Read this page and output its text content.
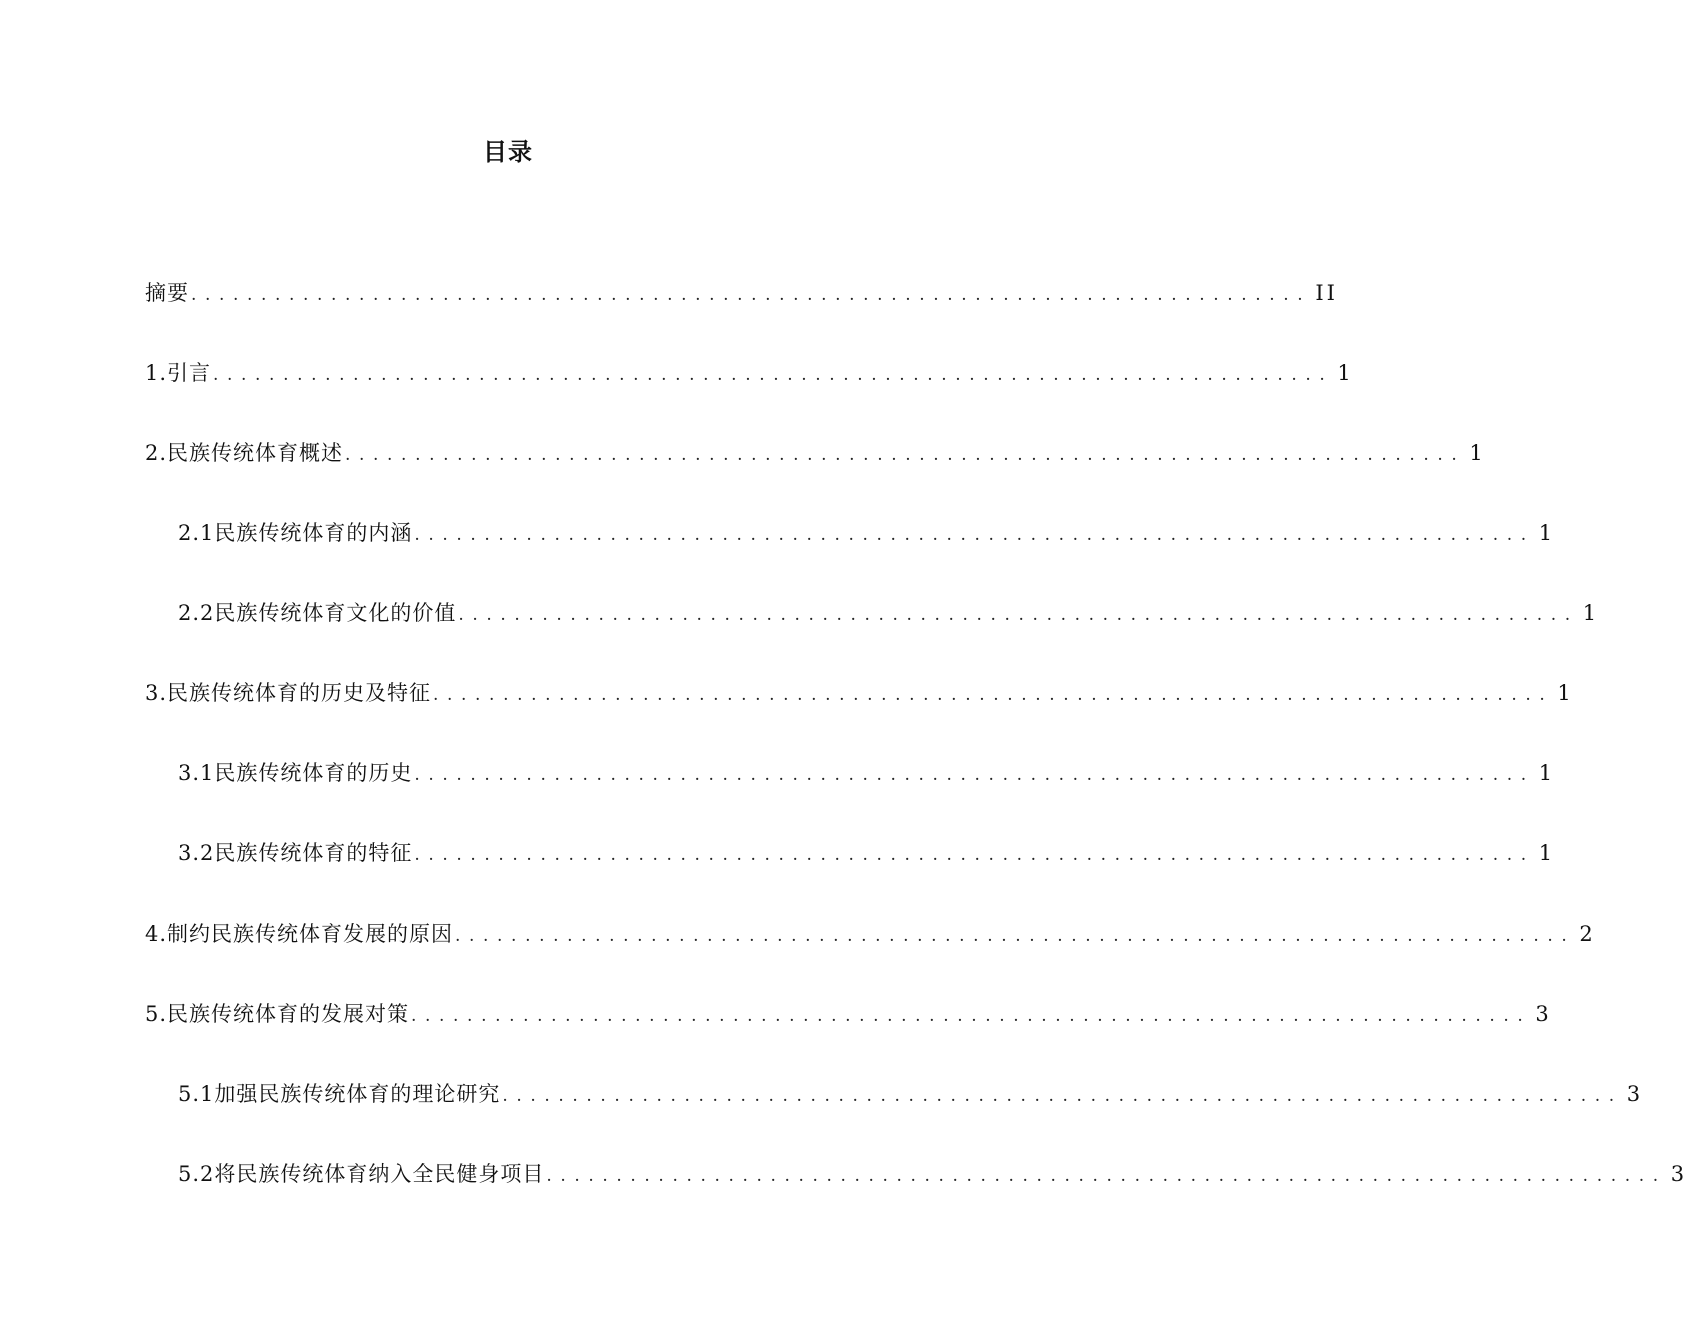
目录
摘要 ................................................................................ II
1.引言 ................................................................................ 1
2.民族传统体育概述 ................................................................................ 1
2.1民族传统体育的内涵 ................................................................................ 1
2.2民族传统体育文化的价值 ................................................................................ 1
3.民族传统体育的历史及特征 ................................................................................ 1
3.1民族传统体育的历史 ................................................................................ 1
3.2民族传统体育的特征 ................................................................................ 1
4.制约民族传统体育发展的原因 ................................................................................ 2
5.民族传统体育的发展对策 ................................................................................ 3
5.1加强民族传统体育的理论研究 ................................................................................ 3
5.2将民族传统体育纳入全民健身项目 ................................................................................ 3
